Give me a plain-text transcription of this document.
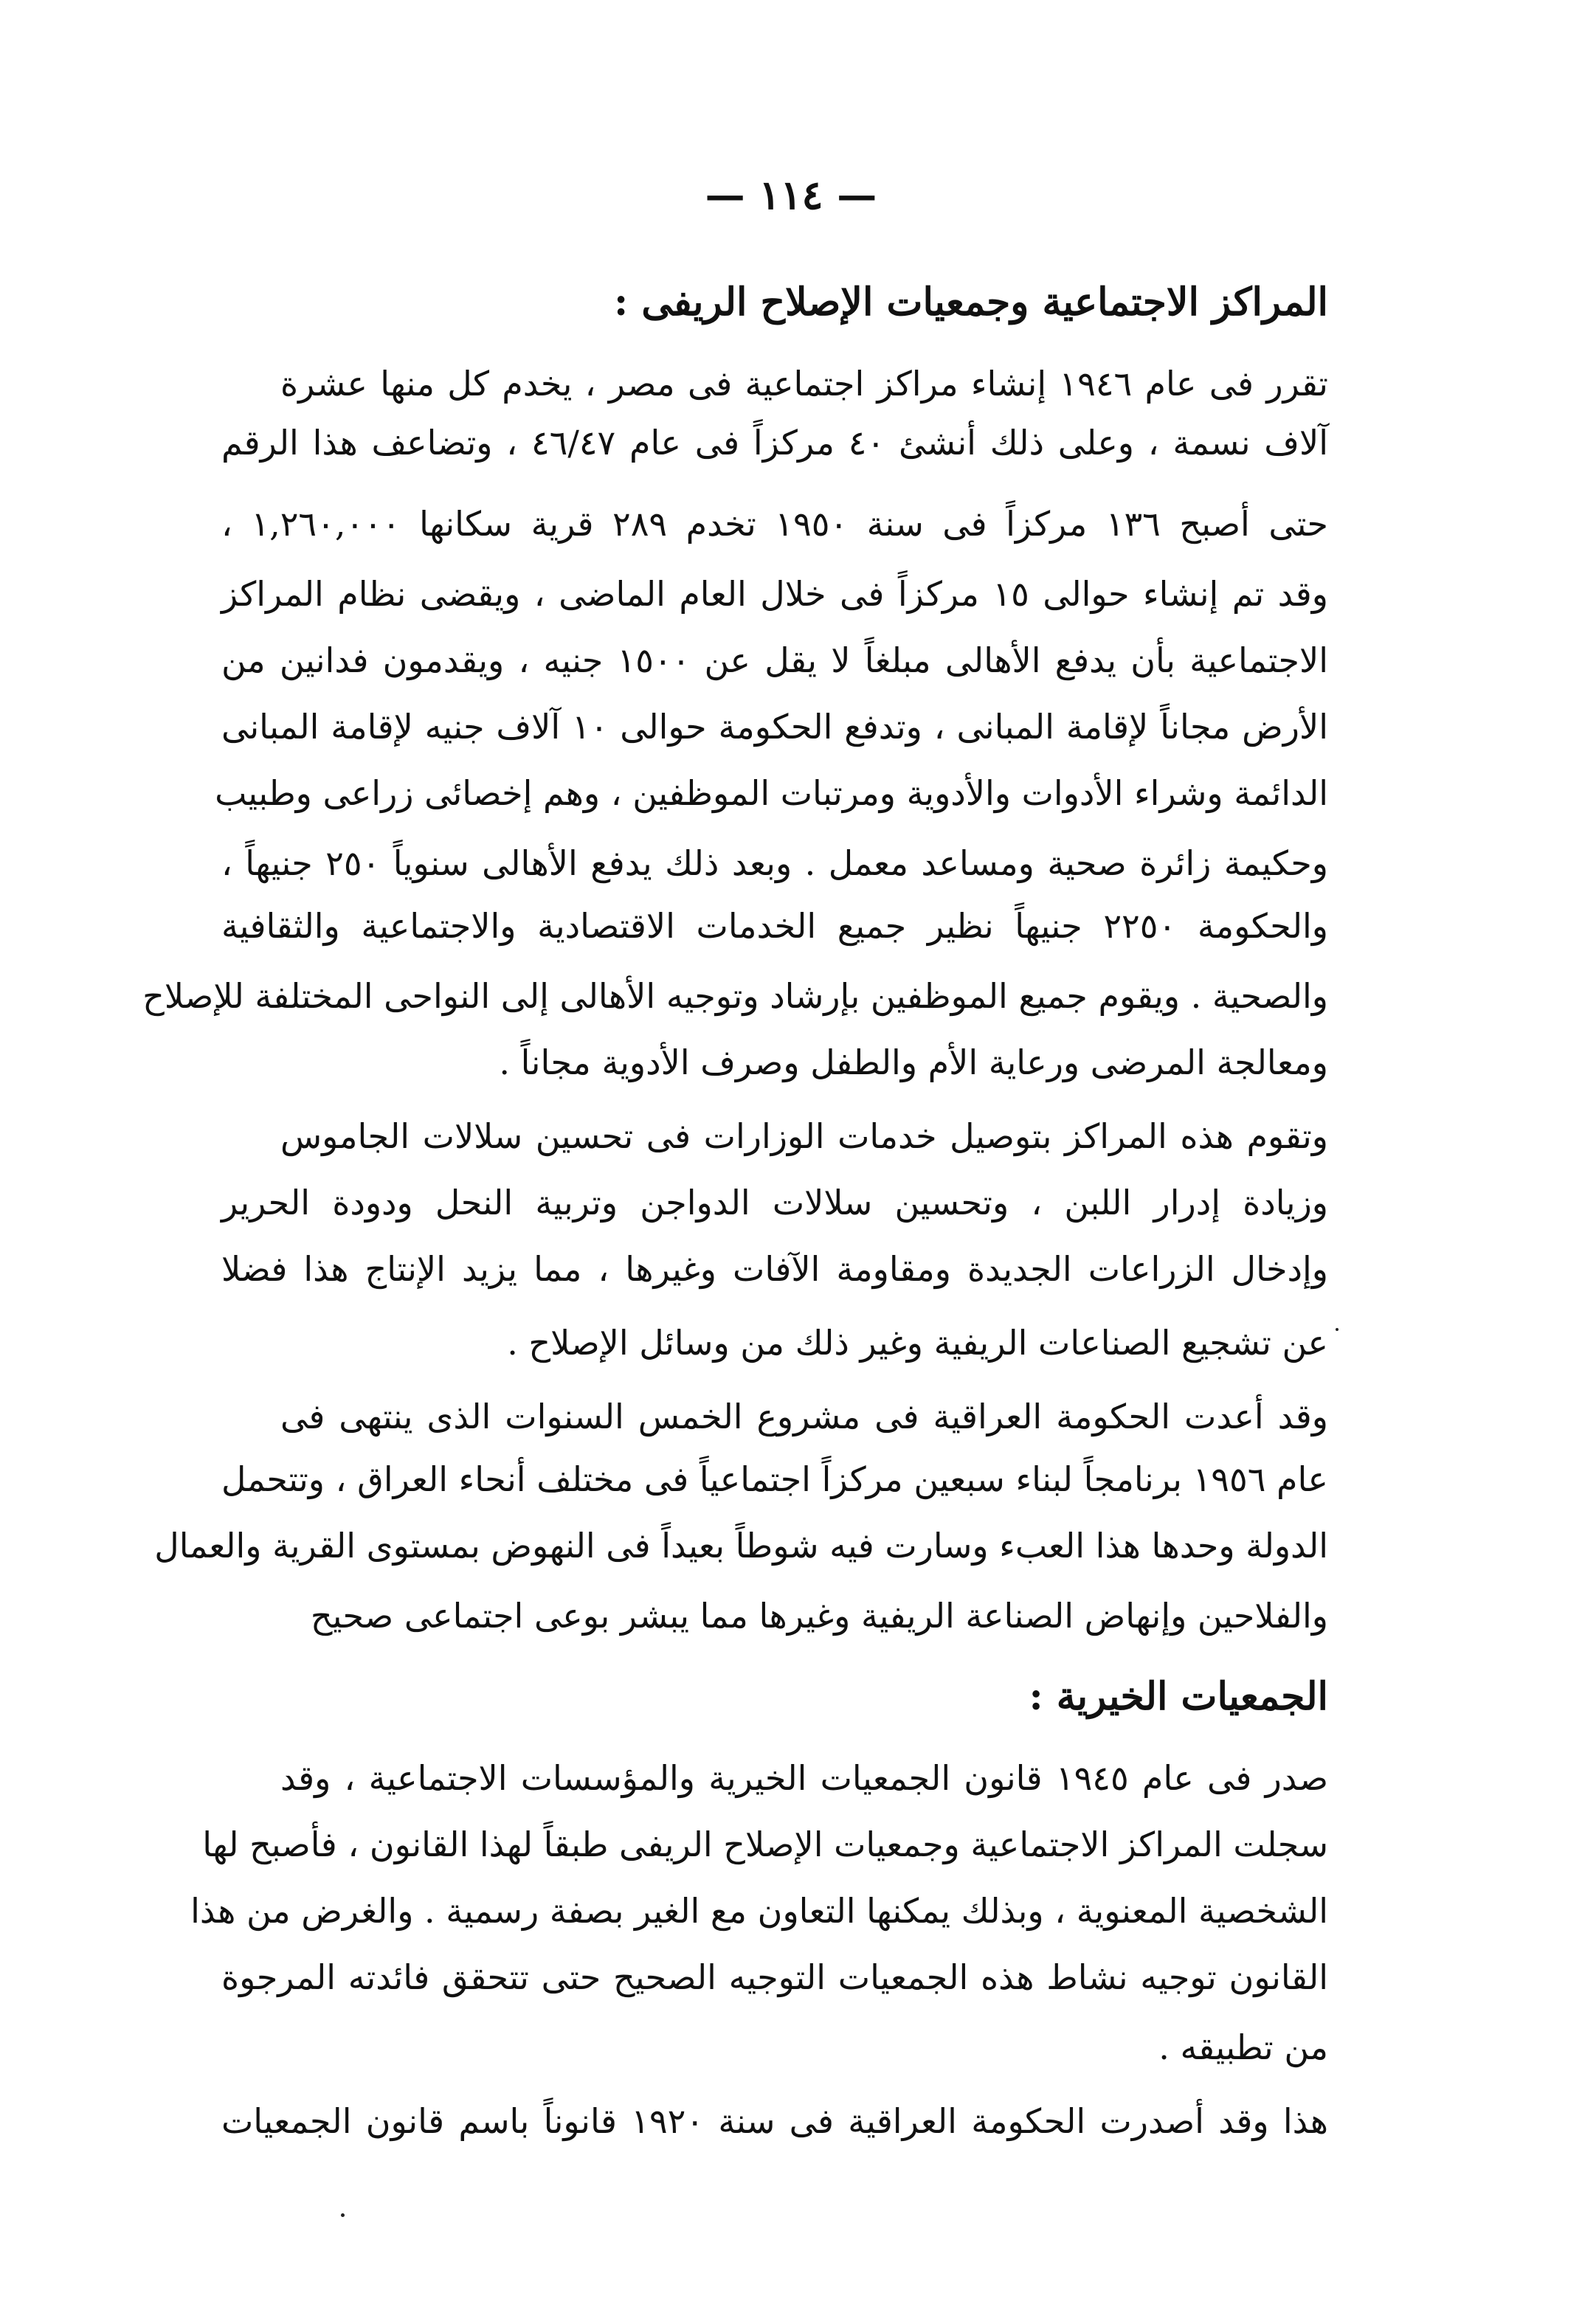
— ١١٤ —
المراكز الاجتماعية وجمعيات الإصلاح الريفى :
تقرر فى عام ١٩٤٦ إنشاء مراكز اجتماعية فى مصر ، يخدم كل منها عشرة
آلاف نسمة ، وعلى ذلك أنشئ ٤٠ مركزاً فى عام ٤٦/٤٧ ، وتضاعف هذا الرقم
حتى أصبح ١٣٦ مركزاً فى سنة ١٩٥٠ تخدم ٢٨٩ قرية سكانها ١,٢٦٠,٠٠٠ ،
وقد تم إنشاء حوالى ١٥ مركزاً فى خلال العام الماضى ، ويقضى نظام المراكز
الاجتماعية بأن يدفع الأهالى مبلغاً لا يقل عن ١٥٠٠ جنيه ، ويقدمون فدانين من
الأرض مجاناً لإقامة المبانى ، وتدفع الحكومة حوالى ١٠ آلاف جنيه لإقامة المبانى
الدائمة وشراء الأدوات والأدوية ومرتبات الموظفين ، وهم إخصائى زراعى وطبيب
وحكيمة زائرة صحية ومساعد معمل . وبعد ذلك يدفع الأهالى سنوياً ٢٥٠ جنيهاً ،
والحكومة ٢٢٥٠ جنيهاً نظير جميع الخدمات الاقتصادية والاجتماعية والثقافية
والصحية . ويقوم جميع الموظفين بإرشاد وتوجيه الأهالى إلى النواحى المختلفة للإصلاح
ومعالجة المرضى ورعاية الأم والطفل وصرف الأدوية مجاناً .
وتقوم هذه المراكز بتوصيل خدمات الوزارات فى تحسين سلالات الجاموس
وزيادة إدرار اللبن ، وتحسين سلالات الدواجن وتربية النحل ودودة الحرير
وإدخال الزراعات الجديدة ومقاومة الآفات وغيرها ، مما يزيد الإنتاج هذا فضلا
عن تشجيع الصناعات الريفية وغير ذلك من وسائل الإصلاح .
وقد أعدت الحكومة العراقية فى مشروع الخمس السنوات الذى ينتهى فى
عام ١٩٥٦ برنامجاً لبناء سبعين مركزاً اجتماعياً فى مختلف أنحاء العراق ، وتتحمل
الدولة وحدها هذا العبء وسارت فيه شوطاً بعيداً فى النهوض بمستوى القرية والعمال
والفلاحين وإنهاض الصناعة الريفية وغيرها مما يبشر بوعى اجتماعى صحيح
الجمعيات الخيرية :
صدر فى عام ١٩٤٥ قانون الجمعيات الخيرية والمؤسسات الاجتماعية ، وقد
سجلت المراكز الاجتماعية وجمعيات الإصلاح الريفى طبقاً لهذا القانون ، فأصبح لها
الشخصية المعنوية ، وبذلك يمكنها التعاون مع الغير بصفة رسمية . والغرض من هذا
القانون توجيه نشاط هذه الجمعيات التوجيه الصحيح حتى تتحقق فائدته المرجوة
من تطبيقه .
هذا وقد أصدرت الحكومة العراقية فى سنة ١٩٢٠ قانوناً باسم قانون الجمعيات
